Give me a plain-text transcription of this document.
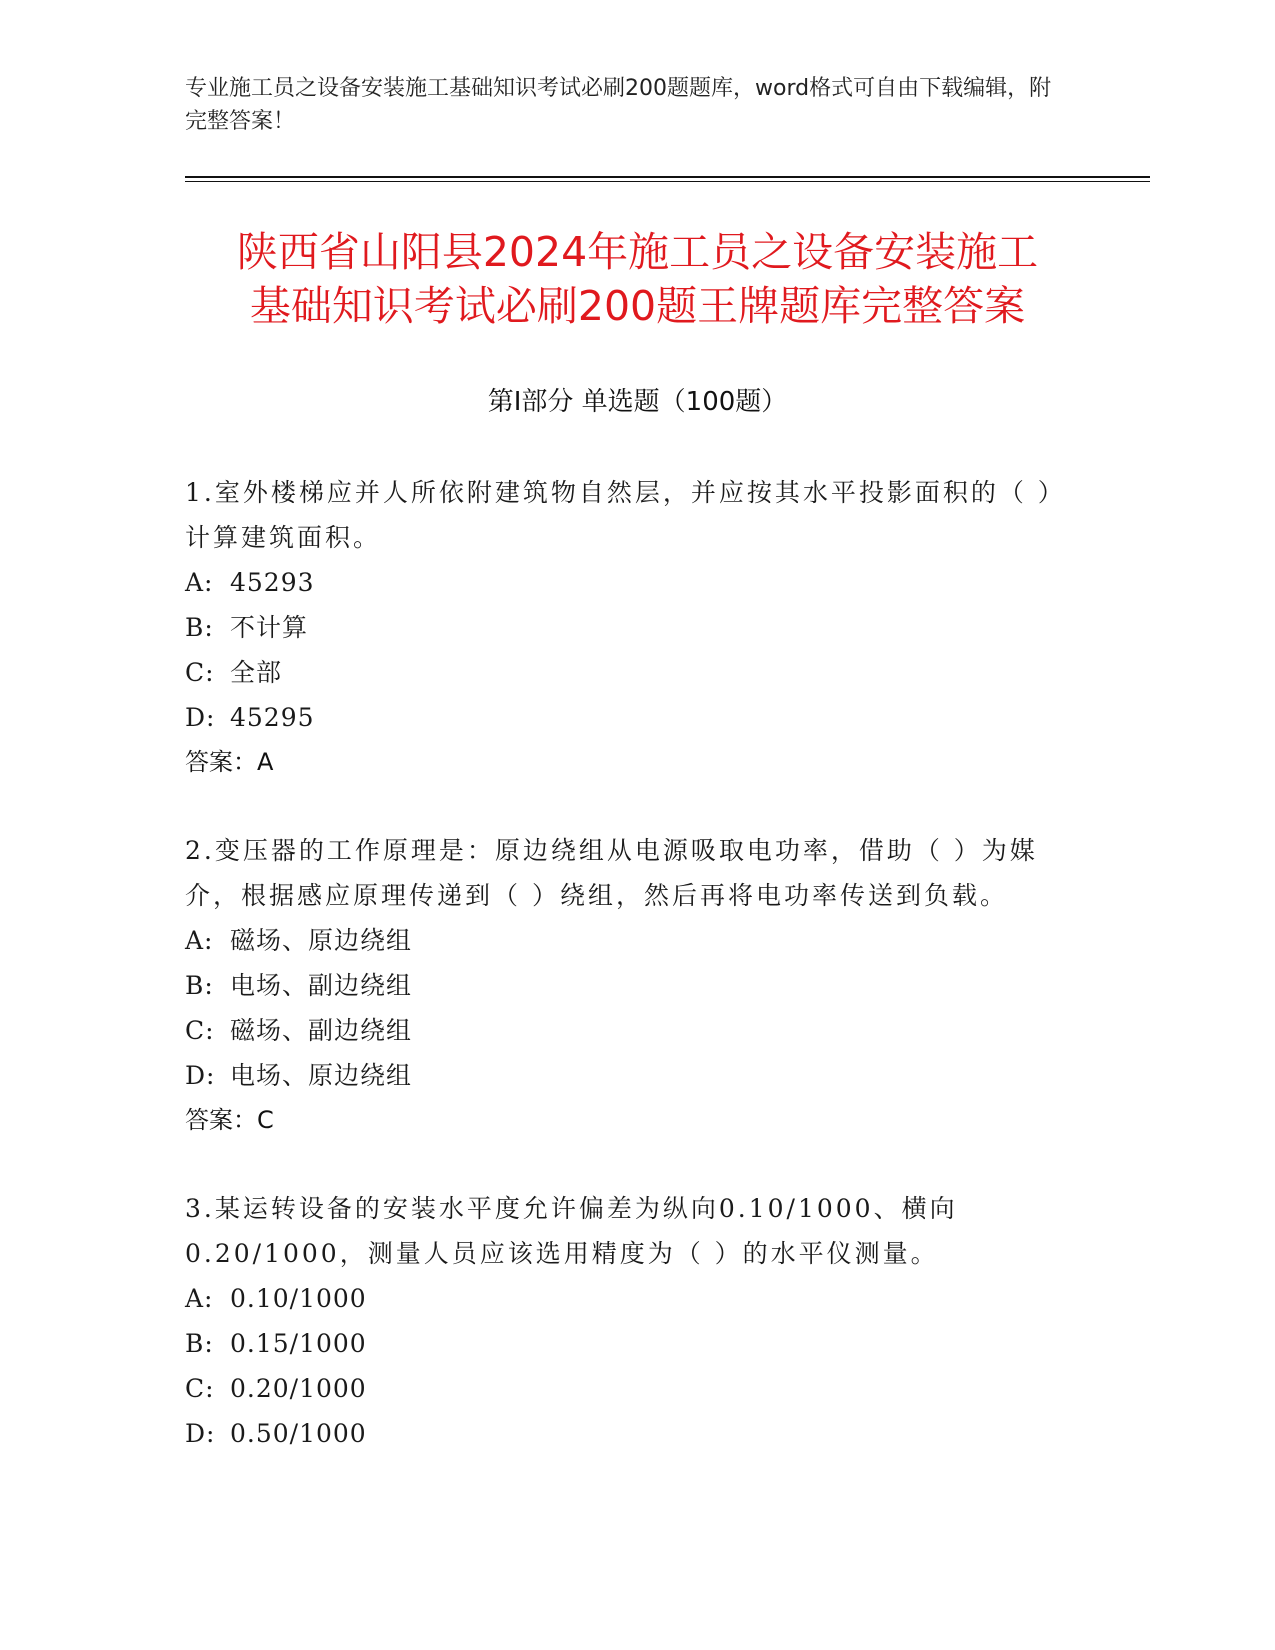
专业施工员之设备安装施工基础知识考试必刷200题题库，word格式可自由下载编辑，附完整答案！
陕西省山阳县2024年施工员之设备安装施工
基础知识考试必刷200题王牌题库完整答案
第Ⅰ部分 单选题（100题）
1.室外楼梯应并人所依附建筑物自然层，并应按其水平投影面积的（ ）计算建筑面积。
A: 45293
B: 不计算
C: 全部
D: 45295
答案：A
2.变压器的工作原理是：原边绕组从电源吸取电功率，借助（ ）为媒介，根据感应原理传递到（ ）绕组，然后再将电功率传送到负载。
A: 磁场、原边绕组
B: 电场、副边绕组
C: 磁场、副边绕组
D: 电场、原边绕组
答案：C
3.某运转设备的安装水平度允许偏差为纵向0.10/1000、横向0.20/1000，测量人员应该选用精度为（ ）的水平仪测量。
A: 0.10/1000
B: 0.15/1000
C: 0.20/1000
D: 0.50/1000
